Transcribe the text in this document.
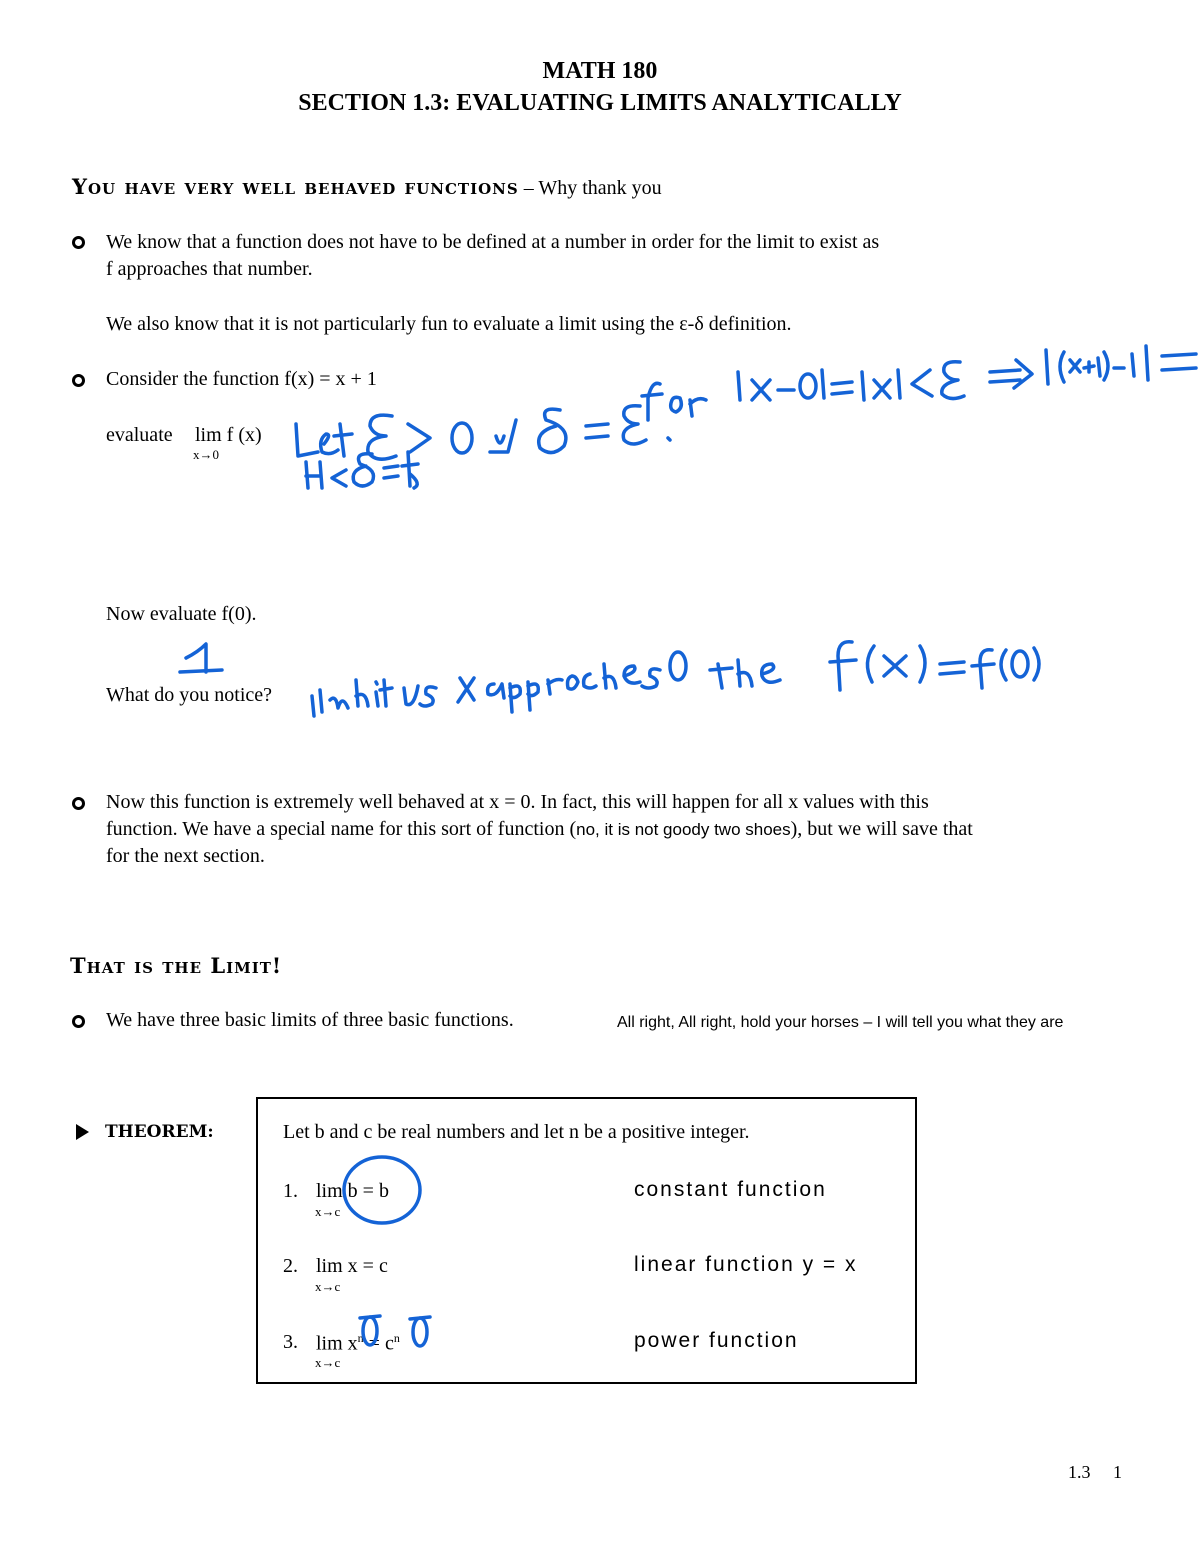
MATH 180
SECTION 1.3: EVALUATING LIMITS ANALYTICALLY
You have very well behaved functions – Why thank you
We know that a function does not have to be defined at a number in order for the limit to exist as
f approaches that number.
We also know that it is not particularly fun to evaluate a limit using the ε-δ definition.
Consider the function f(x) = x + 1
evaluate lim f (x)
x→0
Now evaluate f(0).
What do you notice?
Now this function is extremely well behaved at x = 0. In fact, this will happen for all x values with this
function. We have a special name for this sort of function (no, it is not goody two shoes), but we will save that
for the next section.
That is the Limit!
We have three basic limits of three basic functions.	All right, All right, hold your horses – I will tell you what they are
THEOREM:	Let b and c be real numbers and let n be a positive integer.
1. lim b = b
x→c
constant function
2. lim x = c
x→c
linear function y = x
3. $\lim x^n = c^n$
x→c
power function
1.3     1
